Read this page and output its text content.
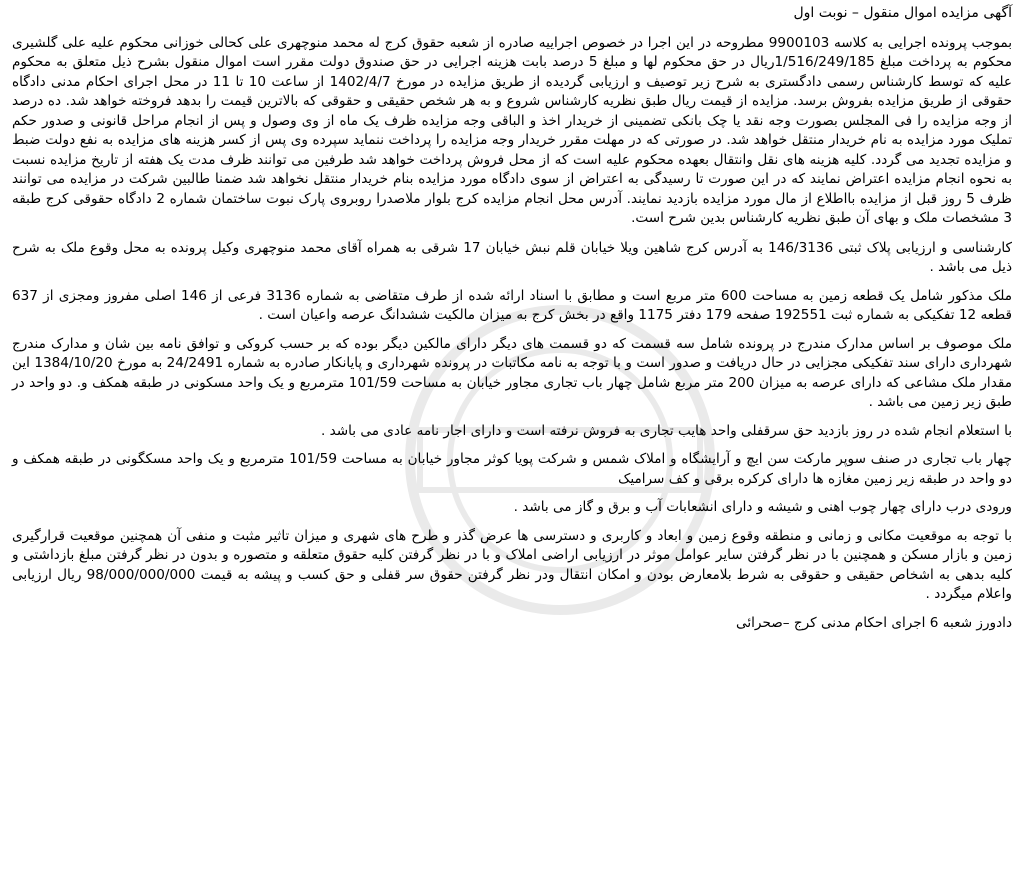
آگهی مزایده اموال منقول – نوبت اول
بموجب پرونده اجرایی به کلاسه 9900103 مطروحه در این اجرا در خصوص اجراییه صادره از شعبه حقوق کرج له محمد منوچهری علی کحالی خوزانی محکوم علیه علی گلشیری محکوم به پرداخت مبلغ 1/516/249/185ریال در حق محکوم لها و مبلغ 5 درصد بابت هزینه اجرایی در حق صندوق دولت مقرر است اموال منقول بشرح ذیل متعلق به محکوم علیه که توسط کارشناس رسمی دادگستری به شرح زیر توصیف و ارزیابی گردیده از طریق مزایده در مورخ 1402/4/7 از ساعت 10 تا 11 در محل اجرای احکام مدنی دادگاه حقوقی از طریق مزایده بفروش برسد. مزایده از قیمت ریال طبق نظریه کارشناس شروع و به هر شخص حقیقی و حقوقی که بالاترین قیمت را بدهد فروخته خواهد شد. ده درصد از وجه مزایده را فی المجلس بصورت وجه نقد یا چک بانکی تضمینی از خریدار اخذ و الباقی وجه مزایده ظرف یک ماه از وی وصول و پس از انجام مراحل قانونی و صدور حکم تملیک مورد مزایده به نام خریدار منتقل خواهد شد. در صورتی که در مهلت مقرر خریدار وجه مزایده را پرداخت ننماید سپرده وی پس از کسر هزینه های مزایده به نفع دولت ضبط و مزایده تجدید می گردد. کلیه هزینه های نقل وانتقال بعهده محکوم علیه است که از محل فروش پرداخت خواهد شد طرفین می توانند ظرف مدت یک هفته از تاریخ مزایده نسبت به نحوه انجام مزایده اعتراض نمایند که در این صورت تا رسیدگی به اعتراض از سوی دادگاه مورد مزایده بنام خریدار منتقل نخواهد شد ضمنا طالبین شرکت در مزایده می توانند ظرف 5 روز قبل از مزایده بااطلاع از مال مورد مزایده بازدید نمایند. آدرس محل انجام مزایده کرج بلوار ملاصدرا روبروی پارک نبوت ساختمان شماره 2 دادگاه حقوقی کرج طبقه 3 مشخصات ملک و بهای آن طبق نظریه کارشناس بدین شرح است.
کارشناسی و ارزیابی پلاک ثبتی 146/3136 به آدرس کرج شاهین ویلا خیابان قلم نبش خیابان 17 شرقی به همراه آقای محمد منوچهری وکیل پرونده به محل وقوع ملک به شرح ذیل می باشد .
ملک مذکور شامل یک قطعه زمین به مساحت 600 متر مربع است و مطابق با اسناد ارائه شده از طرف متقاضی به شماره 3136 فرعی از 146 اصلی مفروز ومجزی از 637 قطعه 12 تفکیکی به شماره ثبت 192551 صفحه 179 دفتر 1175 واقع در بخش کرج به میزان مالکیت ششدانگ عرصه واعیان است .
ملک موصوف بر اساس مدارک مندرج در پرونده شامل سه قسمت که دو قسمت های دیگر دارای مالکین دیگر بوده که بر حسب کروکی و توافق نامه بین شان و مدارک مندرج شهرداری دارای سند تفکیکی مجزایی در حال دریافت و صدور است و با توجه به نامه مکاتبات در پرونده شهرداری و پایانکار صادره به شماره 24/2491 به مورخ 1384/10/20 این مقدار ملک مشاعی که دارای عرصه به میزان 200 متر مربع شامل چهار باب تجاری مجاور خیابان به مساحت 101/59 مترمربع و یک واحد مسکونی در طبقه همکف و. دو واحد در طبق زیر زمین می باشد .
با استعلام انجام شده در روز بازدید حق سرقفلی واحد هایب تجاری به فروش نرفته است و دارای اجار نامه عادی می باشد .
چهار باب تجاری در صنف سوپر مارکت سن ایچ و آرایشگاه و املاک شمس و شرکت پویا کوثر مجاور خیابان به مساحت 101/59 مترمربع و یک واحد مسکگونی در طبقه همکف و دو واحد در طبقه زیر زمین مغازه ها دارای کرکره برقی و کف سرامیک
ورودی درب دارای چهار چوب اهنی و شیشه و دارای انشعابات آب و برق و گاز می باشد .
با توجه به موقعیت مکانی و زمانی و منطقه وقوع زمین و ابعاد و کاربری و دسترسی ها عرض گذر و طرح های شهری و میزان تاثیر مثبت و منفی آن همچنین موقعیت قرارگیری زمین و بازار مسکن و همچنین با در نظر گرفتن سایر عوامل موثر در ارزیابی اراضی املاک و با در نظر گرفتن کلیه حقوق متعلقه و متصوره و بدون در نظر گرفتن مبلغ بازداشتی و کلیه بدهی به اشخاص حقیقی و حقوقی به شرط بلامعارض بودن و امکان انتقال ودر نظر گرفتن حقوق سر قفلی و حق کسب و پیشه به قیمت 98/000/000/000 ریال ارزیابی واعلام میگردد .
دادورز شعبه 6 اجرای احکام مدنی کرج –صحرائی
